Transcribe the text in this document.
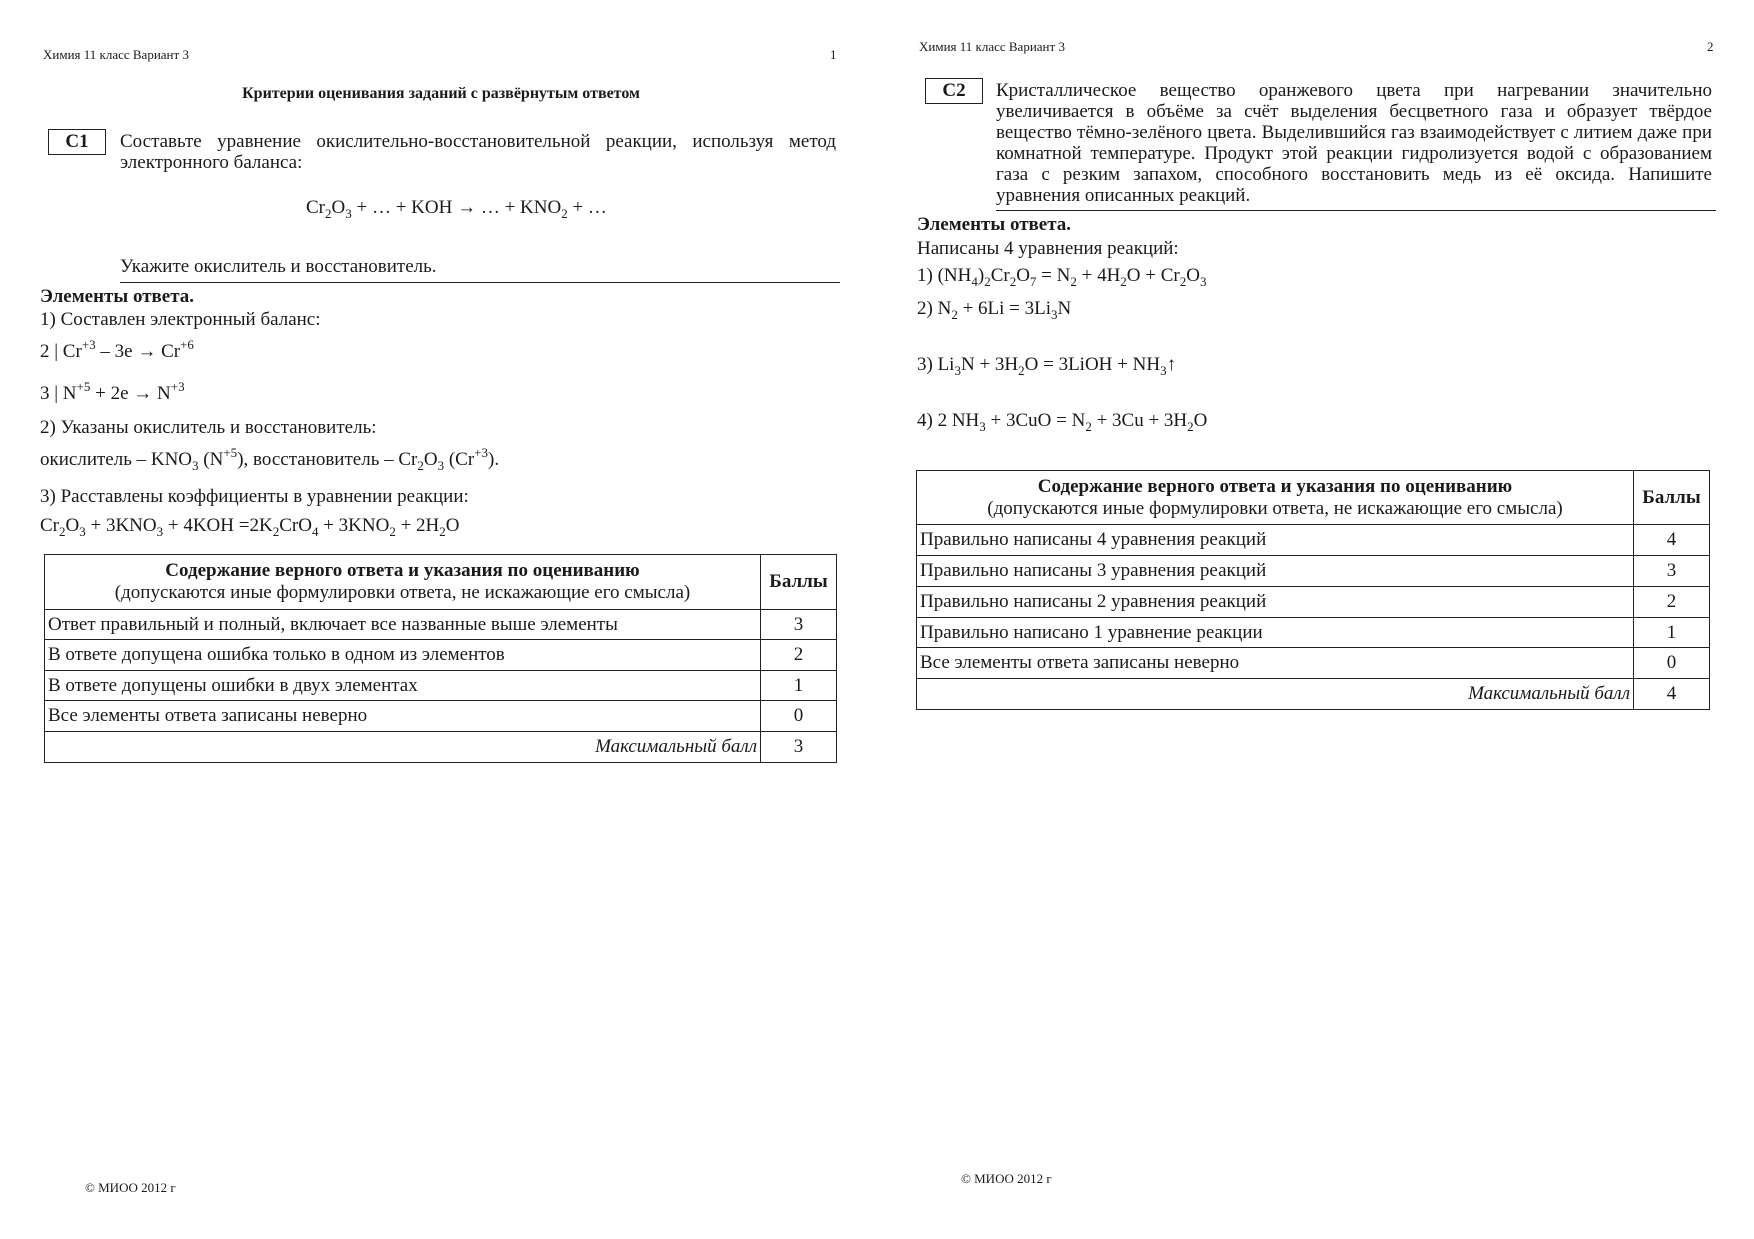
Химия 11 класс Вариант 3	1
Критерии оценивания заданий с развёрнутым ответом
С1	Составьте уравнение окислительно-восстановительной реакции, используя метод электронного баланса:
$Cr_2O_3$ + … + KOH → … + $KNO_2$ + …
Укажите окислитель и восстановитель.
Элементы ответа.
1) Составлен электронный баланс:
2 | $Cr^{+3} - 3е \to Cr^{+6}$
3 | $N^{+5} + 2е \to N^{+3}$
2) Указаны окислитель и восстановитель:
окислитель – $KNO_3$ $(N^{+5})$, восстановитель – $Cr_2O_3$ $(Cr^{+3})$.
3) Расставлены коэффициенты в уравнении реакции:
$Cr_2O_3 + 3KNO_3 + 4KOH =2K_2CrO_4 + 3KNO_2 + 2H_2O$
Содержание верного ответа и указания по оцениванию
(допускаются иные формулировки ответа, не искажающие его смысла)	Баллы
Ответ правильный и полный, включает все названные выше элементы	3
В ответе допущена ошибка только в одном из элементов	2
В ответе допущены ошибки в двух элементах	1
Все элементы ответа записаны неверно	0
Максимальный балл	3
© МИОО 2012 г
Химия 11 класс Вариант 3	2
С2	Кристаллическое вещество оранжевого цвета при нагревании значительно увеличивается в объёме за счёт выделения бесцветного газа и образует твёрдое вещество тёмно-зелёного цвета. Выделившийся газ взаимодействует с литием даже при комнатной температуре. Продукт этой реакции гидролизуется водой с образованием газа с резким запахом, способного восстановить медь из её оксида. Напишите уравнения описанных реакций.
Элементы ответа.
Написаны 4 уравнения реакций:
1) $(NH_4)_2Cr_2O_7 = N_2 + 4H_2O + Cr_2O_3$
2) $N_2 + 6Li = 3Li_3N$
3) $Li_3N + 3H_2O$ = 3LiOH + $NH_3↑$
4) 2 $NH_3 + 3CuO = N_2 + 3Cu + 3H_2O$
Содержание верного ответа и указания по оцениванию
(допускаются иные формулировки ответа, не искажающие его смысла)	Баллы
Правильно написаны 4 уравнения реакций	4
Правильно написаны 3 уравнения реакций	3
Правильно написаны 2 уравнения реакций	2
Правильно написано 1 уравнение реакции	1
Все элементы ответа записаны неверно	0
Максимальный балл	4
© МИОО 2012 г
